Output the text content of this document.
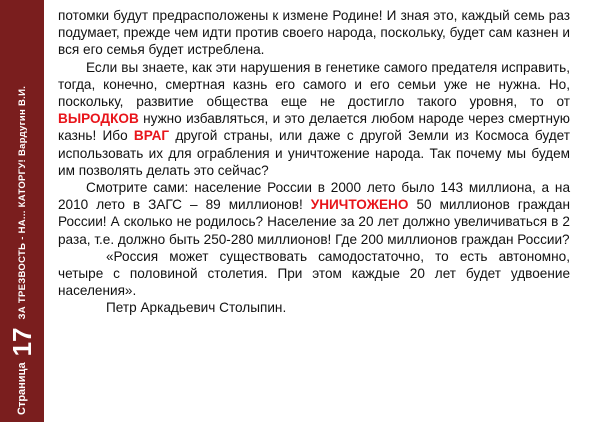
Страница
17
ЗА ТРЕЗВОСТЬ - НА... КАТОРГУ! Вардугин В.И.

потомки будут предрасположены к измене Родине! И зная это, каждый семь раз подумает, прежде чем идти против своего народа, поскольку, будет сам казнен и вся его семья будет истреблена.

Если вы знаете, как эти нарушения в генетике самого предателя исправить, тогда, конечно, смертная казнь его самого и его семьи уже не нужна. Но, поскольку, развитие общества еще не достигло такого уровня, то от ВЫРОДКОВ нужно избавляться, и это делается любом народе через смертную казнь! Ибо ВРАГ другой страны, или даже с другой Земли из Космоса будет использовать их для ограбления и уничтожение народа. Так почему мы будем им позволять делать это сейчас?

Смотрите сами: население России в 2000 лето было 143 миллиона, а на 2010 лето в ЗАГС – 89 миллионов! УНИЧТОЖЕНО 50 миллионов граждан России! А сколько не родилось? Население за 20 лет должно увеличиваться в 2 раза, т.е. должно быть 250-280 миллионов! Где 200 миллионов граждан России?

«Россия может существовать самодостаточно, то есть автономно, четыре с половиной столетия. При этом каждые 20 лет будет удвоение населения».

Петр Аркадьевич Столыпин.
